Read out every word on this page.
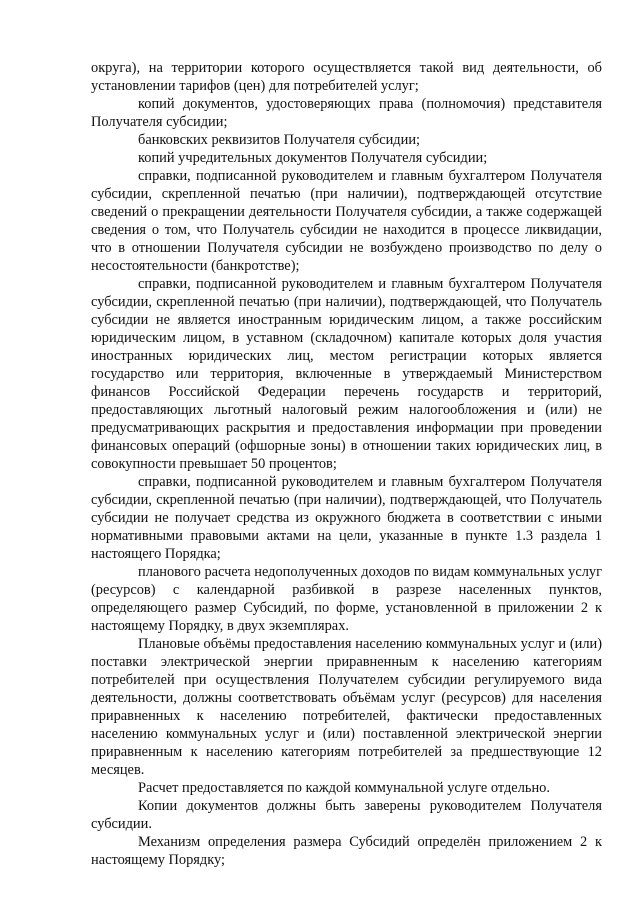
округа), на территории которого осуществляется такой вид деятельности, об установлении тарифов (цен) для потребителей услуг;

копий документов, удостоверяющих права (полномочия) представителя Получателя субсидии;

банковских реквизитов Получателя субсидии;

копий учредительных документов Получателя субсидии;

справки, подписанной руководителем и главным бухгалтером Получателя субсидии, скрепленной печатью (при наличии), подтверждающей отсутствие сведений о прекращении деятельности Получателя субсидии, а также содержащей сведения о том, что Получатель субсидии не находится в процессе ликвидации, что в отношении Получателя субсидии не возбуждено производство по делу о несостоятельности (банкротстве);

справки, подписанной руководителем и главным бухгалтером Получателя субсидии, скрепленной печатью (при наличии), подтверждающей, что Получатель субсидии не является иностранным юридическим лицом, а также российским юридическим лицом, в уставном (складочном) капитале которых доля участия иностранных юридических лиц, местом регистрации которых является государство или территория, включенные в утверждаемый Министерством финансов Российской Федерации перечень государств и территорий, предоставляющих льготный налоговый режим налогообложения и (или) не предусматривающих раскрытия и предоставления информации при проведении финансовых операций (офшорные зоны) в отношении таких юридических лиц, в совокупности превышает 50 процентов;

справки, подписанной руководителем и главным бухгалтером Получателя субсидии, скрепленной печатью (при наличии), подтверждающей, что Получатель субсидии не получает средства из окружного бюджета в соответствии с иными нормативными правовыми актами на цели, указанные в пункте 1.3 раздела 1 настоящего Порядка;

планового расчета недополученных доходов по видам коммунальных услуг (ресурсов) с календарной разбивкой в разрезе населенных пунктов, определяющего размер Субсидий, по форме, установленной в приложении 2 к настоящему Порядку, в двух экземплярах.

Плановые объёмы предоставления населению коммунальных услуг и (или) поставки электрической энергии приравненным к населению категориям потребителей при осуществления Получателем субсидии регулируемого вида деятельности, должны соответствовать объёмам услуг (ресурсов) для населения приравненных к населению потребителей, фактически предоставленных населению коммунальных услуг и (или) поставленной электрической энергии приравненным к населению категориям потребителей за предшествующие 12 месяцев.

Расчет предоставляется по каждой коммунальной услуге отдельно.

Копии документов должны быть заверены руководителем Получателя субсидии.

Механизм определения размера Субсидий определён приложением 2 к настоящему Порядку;
